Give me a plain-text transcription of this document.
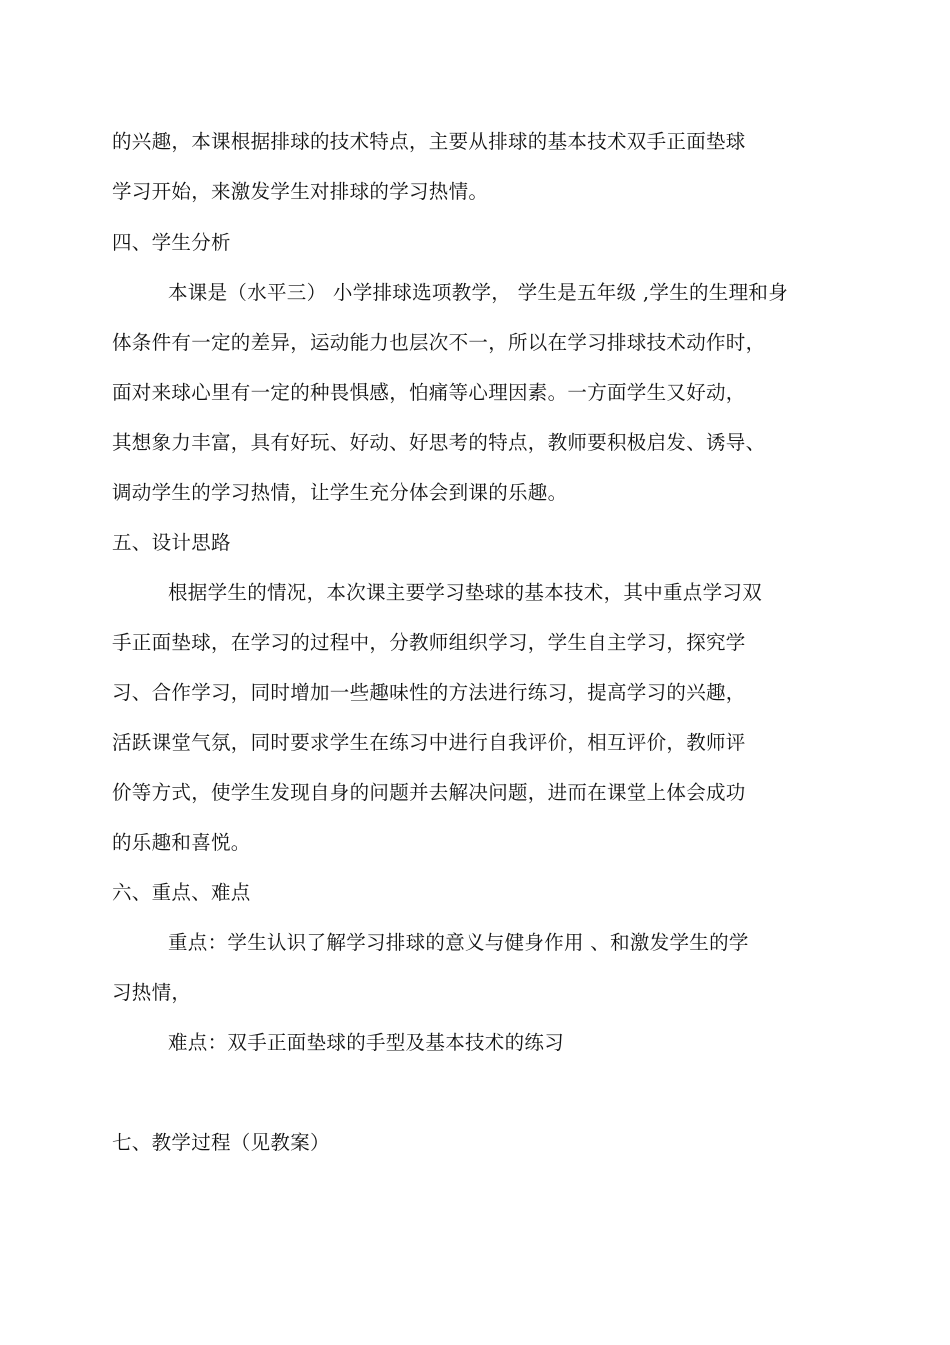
的兴趣，本课根据排球的技术特点，主要从排球的基本技术双手正面垫球
学习开始，来激发学生对排球的学习热情。
四、学生分析
本课是（水平三） 小学排球选项教学， 学生是五年级 ,学生的生理和身
体条件有一定的差异，运动能力也层次不一，所以在学习排球技术动作时，
面对来球心里有一定的种畏惧感，怕痛等心理因素。一方面学生又好动，
其想象力丰富，具有好玩、好动、好思考的特点，教师要积极启发、诱导、
调动学生的学习热情，让学生充分体会到课的乐趣。
五、设计思路
根据学生的情况，本次课主要学习垫球的基本技术，其中重点学习双
手正面垫球，在学习的过程中，分教师组织学习，学生自主学习，探究学
习、合作学习，同时增加一些趣味性的方法进行练习，提高学习的兴趣，
活跃课堂气氛，同时要求学生在练习中进行自我评价，相互评价，教师评
价等方式，使学生发现自身的问题并去解决问题，进而在课堂上体会成功
的乐趣和喜悦。
六、重点、难点
重点：学生认识了解学习排球的意义与健身作用 、和激发学生的学
习热情，
难点：双手正面垫球的手型及基本技术的练习
七、教学过程（见教案）
